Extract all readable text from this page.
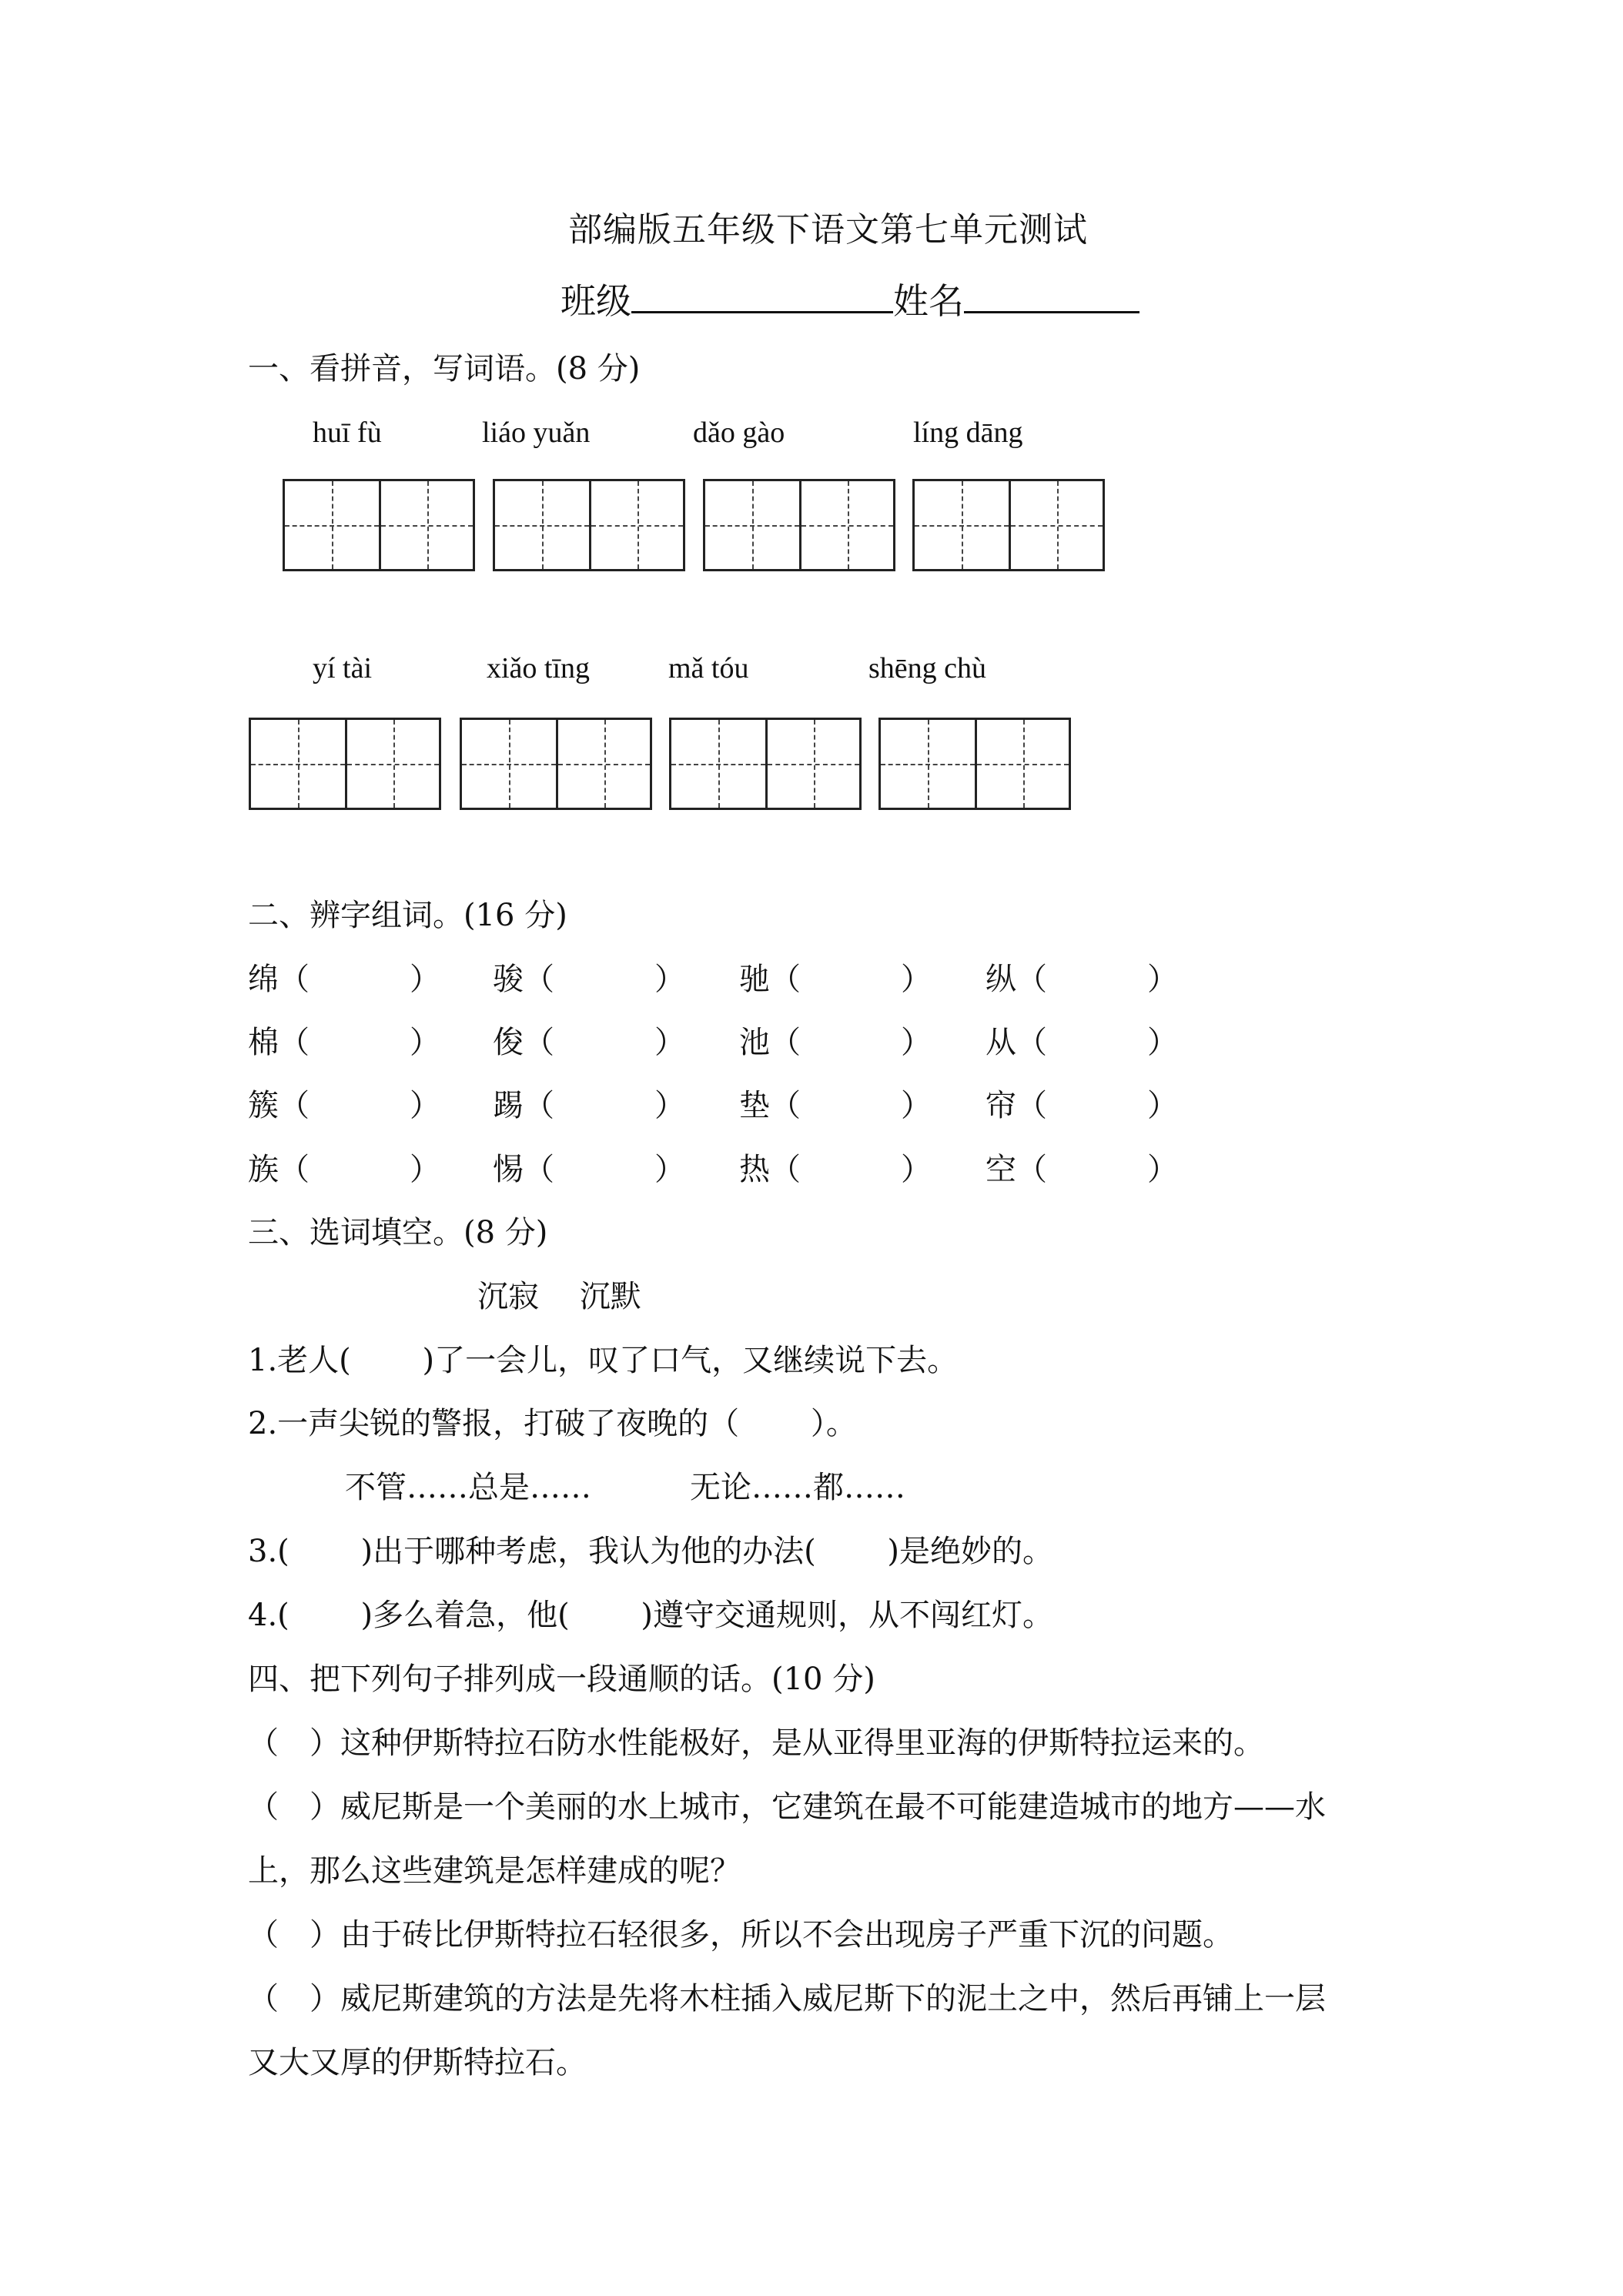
部编版五年级下语文第七单元测试
班级	姓名
一、看拼音，写词语。(8 分)
huī fù	liáo yuǎn	dǎo gào	líng dāng
yí tài	xiǎo tīng	mǎ tóu	shēng chù
二、辨字组词。(16 分)
绵（	） 骏（	） 驰（	） 纵（	）
棉（	） 俊（	） 池（	） 从（	）
簇（	） 踢（	） 垫（	） 帘（	）
族（	） 惕（	） 热（	） 空（	）
三、选词填空。(8 分)
沉寂　 沉默
1.老人(　　 )了一会儿，叹了口气，又继续说下去。
2.一声尖锐的警报，打破了夜晚的（　　 ）。
不管……总是……	无论……都……
3.(　　 )出于哪种考虑，我认为他的办法(　　 )是绝妙的。
4.(　　 )多么着急，他(　　 )遵守交通规则，从不闯红灯。
四、把下列句子排列成一段通顺的话。(10 分)
（　）这种伊斯特拉石防水性能极好，是从亚得里亚海的伊斯特拉运来的。
（　）威尼斯是一个美丽的水上城市，它建筑在最不可能建造城市的地方——水
上，那么这些建筑是怎样建成的呢？
（　）由于砖比伊斯特拉石轻很多，所以不会出现房子严重下沉的问题。
（　）威尼斯建筑的方法是先将木柱插入威尼斯下的泥土之中，然后再铺上一层
又大又厚的伊斯特拉石。
